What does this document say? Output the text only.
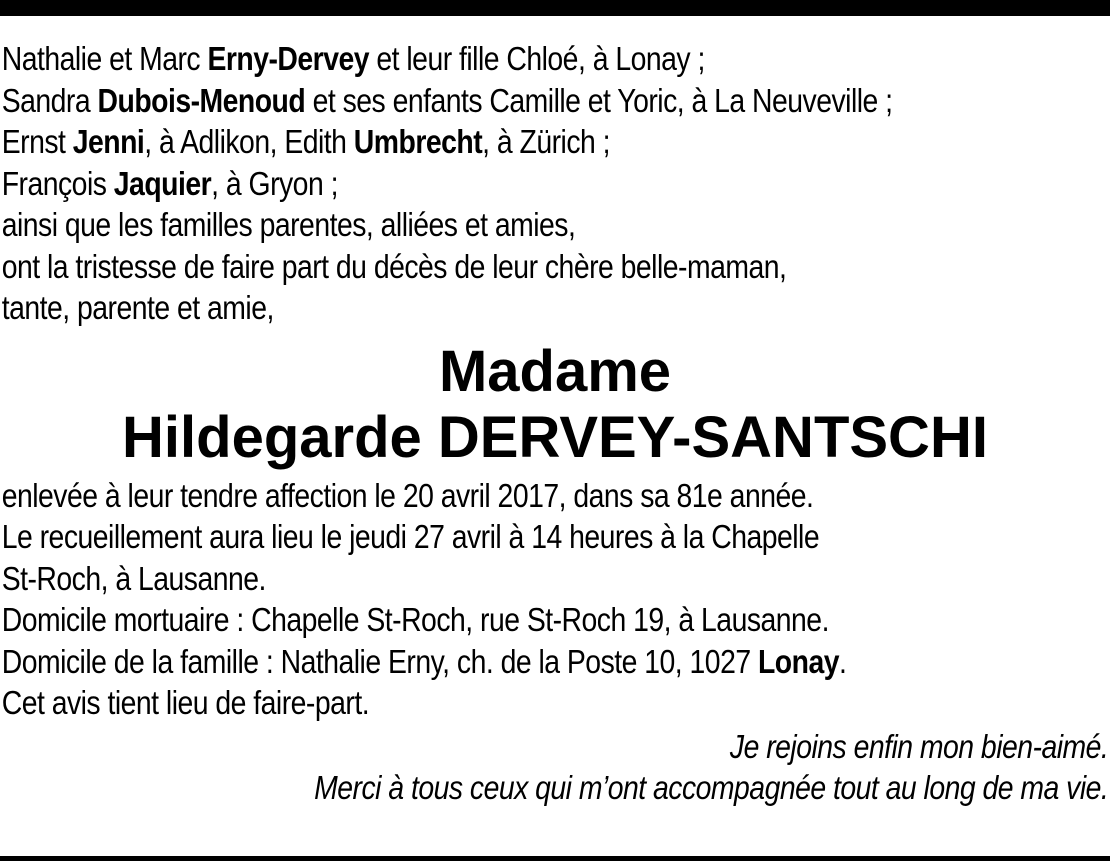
Nathalie et Marc Erny-Dervey et leur fille Chloé, à Lonay ;
Sandra Dubois-Menoud et ses enfants Camille et Yoric, à La Neuveville ;
Ernst Jenni, à Adlikon, Edith Umbrecht, à Zürich ;
François Jaquier, à Gryon ;
ainsi que les familles parentes, alliées et amies,
ont la tristesse de faire part du décès de leur chère belle-maman,
tante, parente et amie,
Madame
Hildegarde DERVEY-SANTSCHI
enlevée à leur tendre affection le 20 avril 2017, dans sa 81e année.
Le recueillement aura lieu le jeudi 27 avril à 14 heures à la Chapelle
St-Roch, à Lausanne.
Domicile mortuaire : Chapelle St-Roch, rue St-Roch 19, à Lausanne.
Domicile de la famille : Nathalie Erny, ch. de la Poste 10, 1027 Lonay.
Cet avis tient lieu de faire-part.
Je rejoins enfin mon bien-aimé.
Merci à tous ceux qui m’ont accompagnée tout au long de ma vie.
